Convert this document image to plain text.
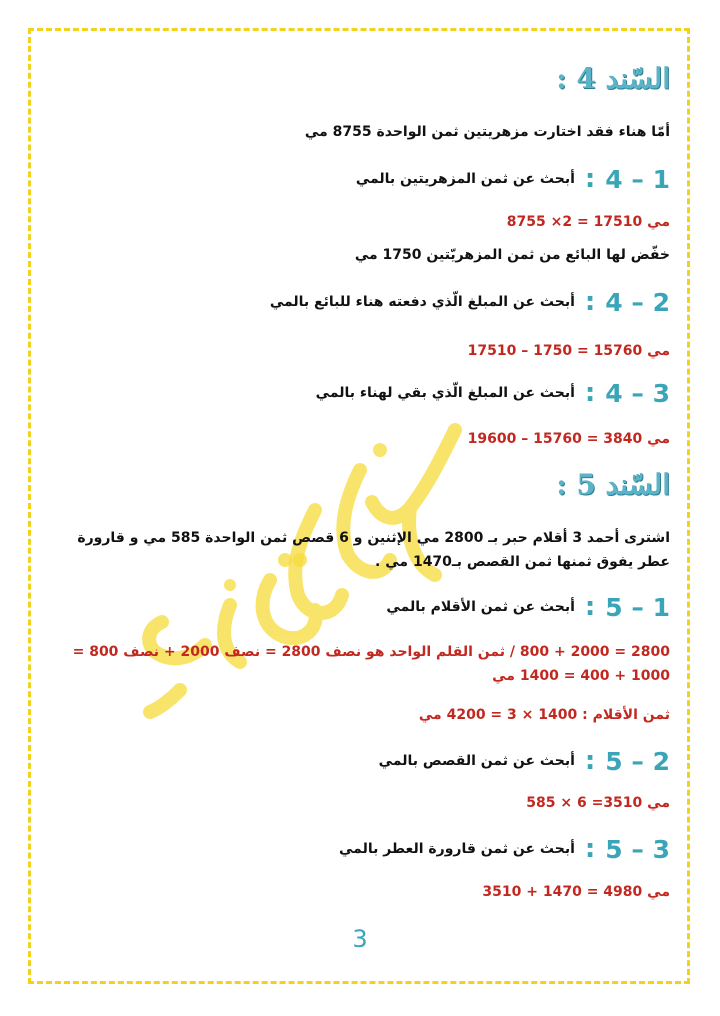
السّند 4 :
أمّا هناء فقد اختارت مزهريتين ثمن الواحدة 8755 مي
4 – 1
:
أبحث عن ثمن المزهريتين بالمي
8755 ×2 = 17510 مي
خفّض لها البائع من ثمن المزهريّتين 1750 مي
4 – 2
:
أبحث عن المبلغ الّذي دفعته هناء للبائع بالمي
17510 – 1750 = 15760 مي
4 – 3
:
أبحث عن المبلغ الّذي بقي لهناء بالمي
19600 – 15760 = 3840 مي
السّند 5 :
اشترى أحمد 3 أقلام حبر بـ 2800 مي الإثنين و 6 قصص ثمن الواحدة 585 مي و قارورة عطر يفوق ثمنها ثمن القصص بـ1470 مي .
5 – 1
:
أبحث عن ثمن الأقلام بالمي
2800 = 2000 + 800 / ثمن القلم الواحد هو نصف 2800 = نصف 2000 + نصف 800 = 1000 + 400 = 1400 مي
ثمن الأقلام : 1400 × 3 = 4200 مي
5 – 2
:
أبحث عن ثمن القصص بالمي
585 × 6 =3510 مي
5 – 3
:
أبحث عن ثمن قارورة العطر بالمي
3510 + 1470 = 4980 مي
3
